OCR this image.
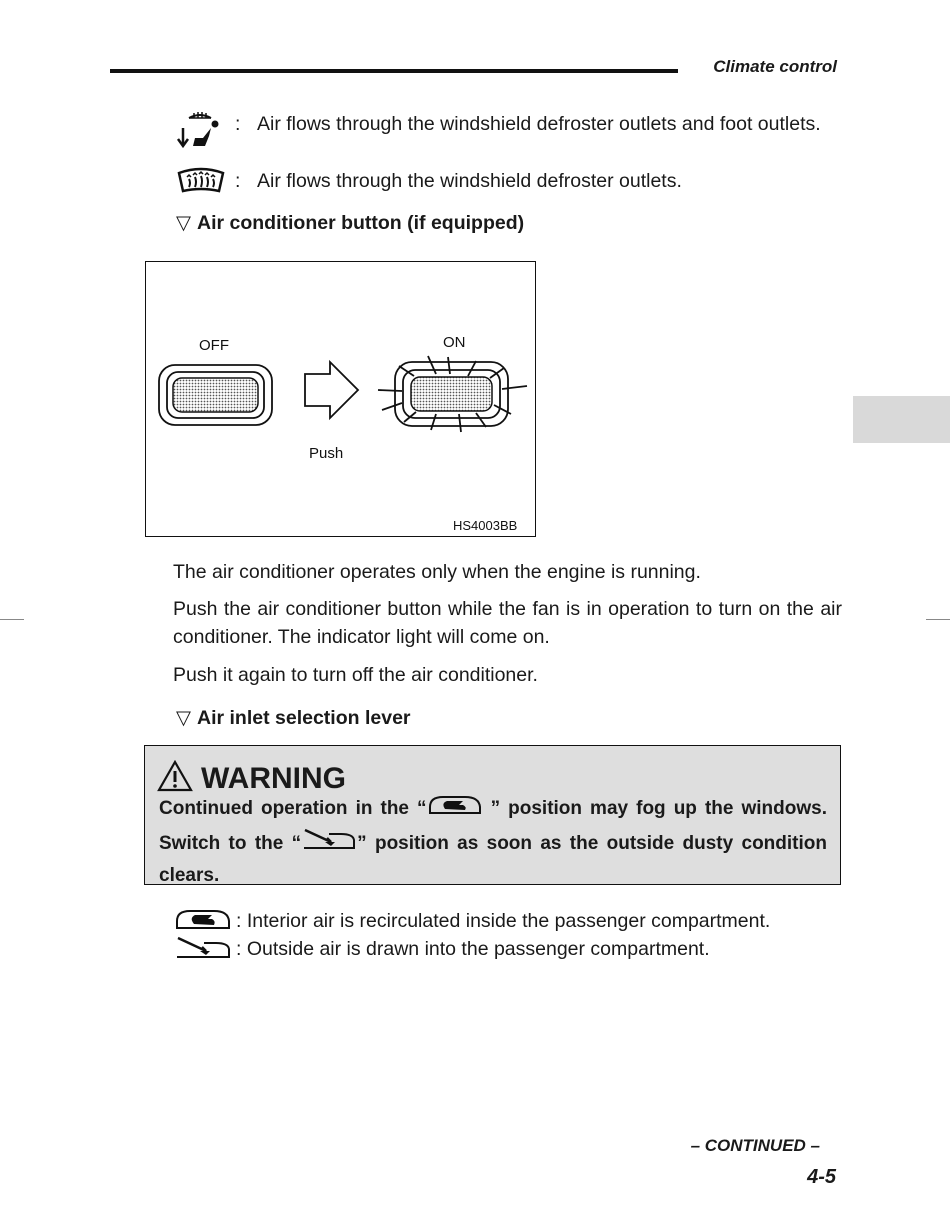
Climate control
: Air flows through the windshield defroster outlets and foot outlets.
: Air flows through the windshield defroster outlets.
▽ Air conditioner button (if equipped)
OFF	ON
Push
HS4003BB
The air conditioner operates only when the engine is running.
Push the air conditioner button while the fan is in operation to turn on the air conditioner. The indicator light will come on.
Push it again to turn off the air conditioner.
▽ Air inlet selection lever
WARNING
Continued operation in the “	” position may fog up the windows. Switch to the “	” position as soon as the outside dusty condition clears.
: Interior air is recirculated inside the passenger compartment.
: Outside air is drawn into the passenger compartment.
– CONTINUED –
4-5
